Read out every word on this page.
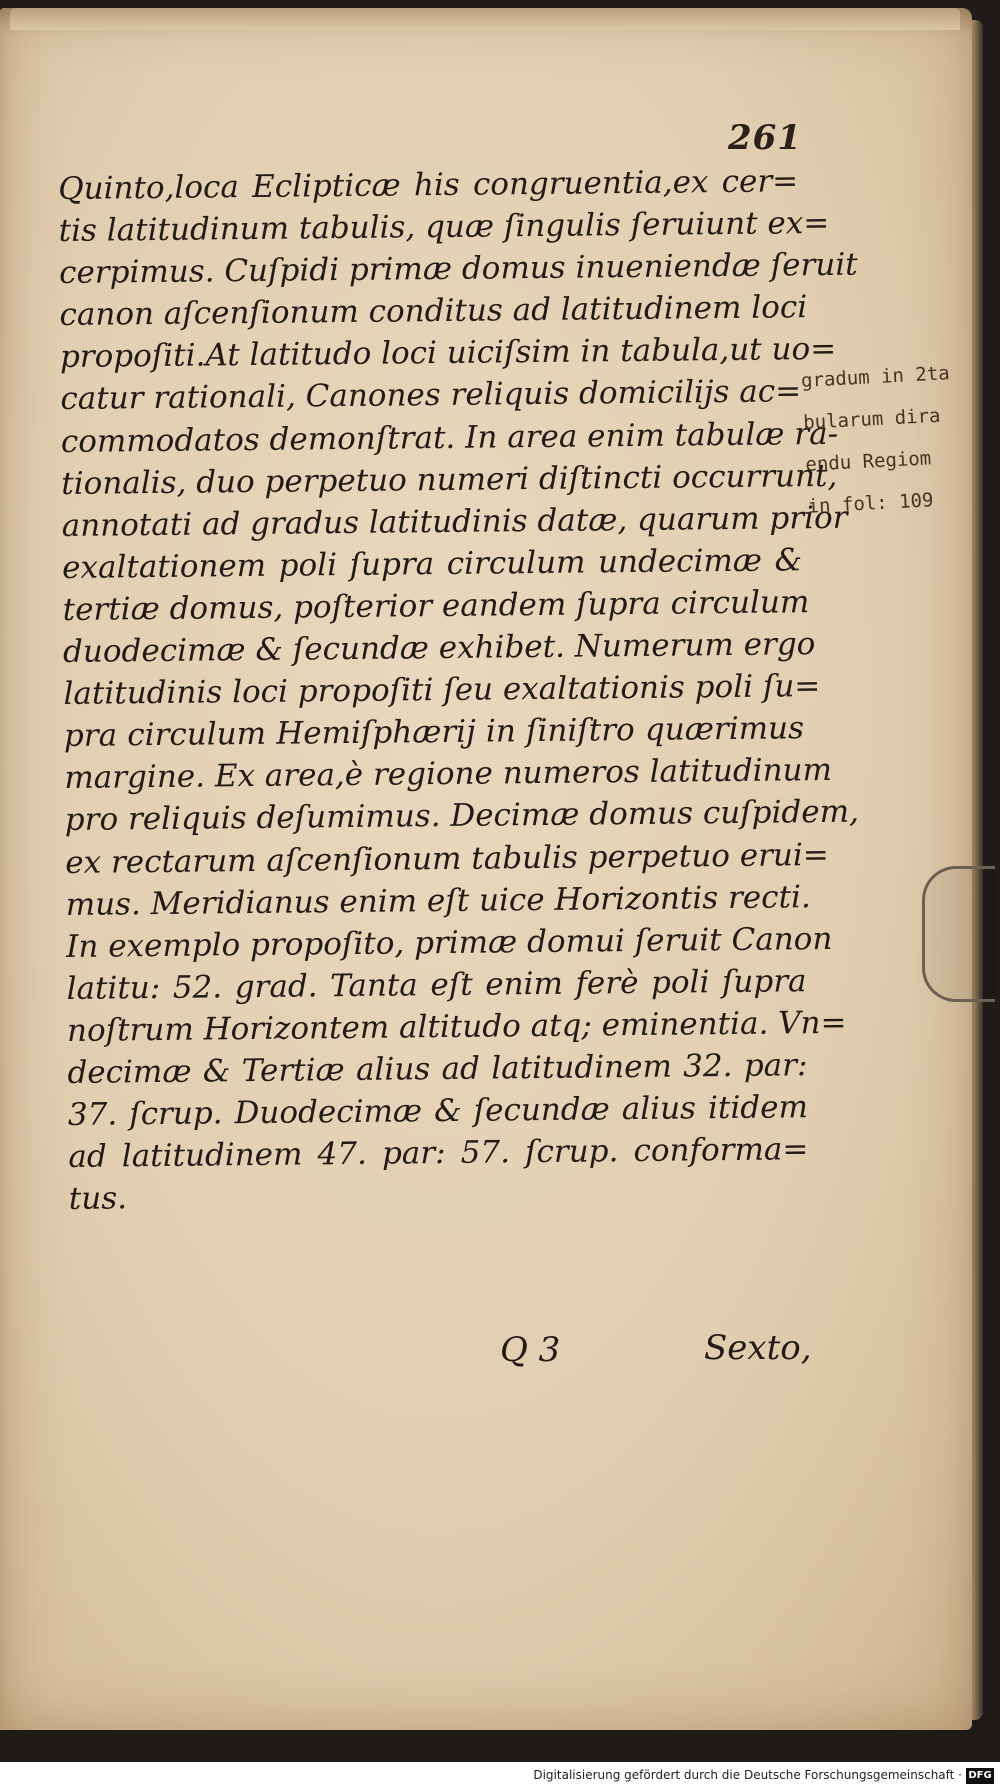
261
Quinto,loca Eclipticæ his congruentia,ex cer=
tis latitudinum tabulis, quæ ſingulis ſeruiunt ex=
cerpimus. Cuſpidi primæ domus inueniendæ ſeruit
canon aſcenſionum conditus ad latitudinem loci
propoſiti.At latitudo loci uiciſsim in tabula,ut uo=
catur rationali, Canones reliquis domicilijs ac=
commodatos demonſtrat. In area enim tabulæ ra-
tionalis, duo perpetuo numeri diſtincti occurrunt,
annotati ad gradus latitudinis datæ, quarum prior
exaltationem poli ſupra circulum undecimæ &
tertiæ domus, poſterior eandem ſupra circulum
duodecimæ & ſecundæ exhibet. Numerum ergo
latitudinis loci propoſiti ſeu exaltationis poli ſu=
pra circulum Hemiſphærij in ſiniſtro quærimus
margine. Ex area,è regione numeros latitudinum
pro reliquis deſumimus. Decimæ domus cuſpidem,
ex rectarum aſcenſionum tabulis perpetuo erui=
mus. Meridianus enim eſt uice Horizontis recti.
In exemplo propoſito, primæ domui ſeruit Canon
latitu: 52. grad. Tanta eſt enim ferè poli ſupra
noſtrum Horizontem altitudo atq; eminentia. Vn=
decimæ & Tertiæ alius ad latitudinem 32. par:
37. ſcrup. Duodecimæ & ſecundæ alius itidem
ad latitudinem 47. par: 57. ſcrup. conforma=
tus.
gradum in 2ta
bularum dira
endu Regiom
in fol: 109
Q 3	Sexto,
Digitalisierung gefördert durch die Deutsche Forschungsgemeinschaft · DFG
